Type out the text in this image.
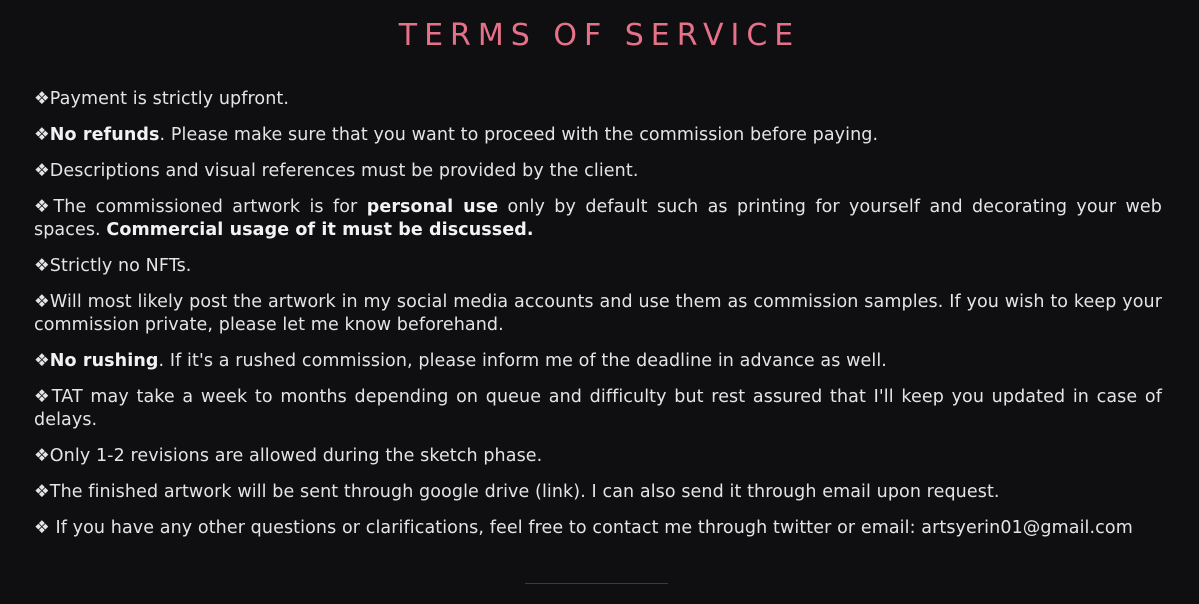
TERMS OF SERVICE

❖Payment is strictly upfront.

❖No refunds. Please make sure that you want to proceed with the commission before paying.

❖Descriptions and visual references must be provided by the client.

❖The commissioned artwork is for personal use only by default such as printing for yourself and decorating your web spaces. Commercial usage of it must be discussed.

❖Strictly no NFTs.

❖Will most likely post the artwork in my social media accounts and use them as commission samples. If you wish to keep your commission private, please let me know beforehand.

❖No rushing. If it's a rushed commission, please inform me of the deadline in advance as well.

❖TAT may take a week to months depending on queue and difficulty but rest assured that I'll keep you updated in case of delays.

❖Only 1-2 revisions are allowed during the sketch phase.

❖The finished artwork will be sent through google drive (link). I can also send it through email upon request.

❖ If you have any other questions or clarifications, feel free to contact me through twitter or email: artsyerin01@gmail.com
